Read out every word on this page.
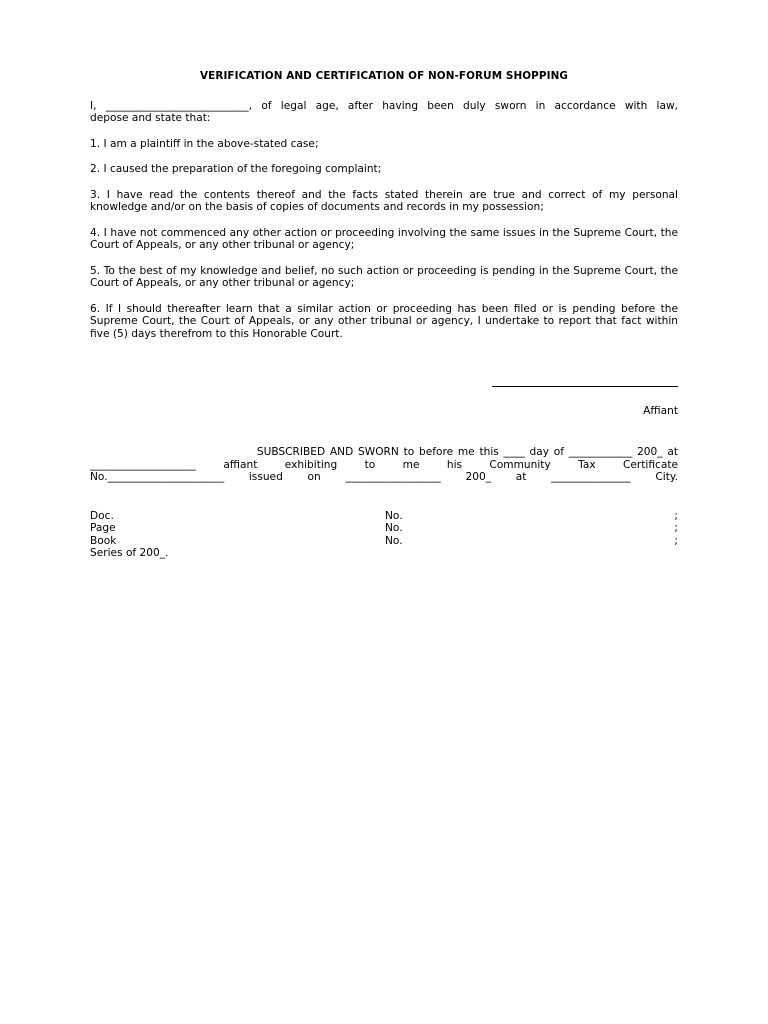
VERIFICATION AND CERTIFICATION OF NON-FORUM SHOPPING
I, ___________________________, of legal age, after having been duly sworn in accordance with law,
depose and state that:
1. I am a plaintiff in the above-stated case;
2. I caused the preparation of the foregoing complaint;
3. I have read the contents thereof and the facts stated therein are true and correct of my personal knowledge and/or on the basis of copies of documents and records in my possession;
4. I have not commenced any other action or proceeding involving the same issues in the Supreme Court, the Court of Appeals, or any other tribunal or agency;
5. To the best of my knowledge and belief, no such action or proceeding is pending in the Supreme Court, the Court of Appeals, or any other tribunal or agency;
6. If I should thereafter learn that a similar action or proceeding has been filed or is pending before the Supreme Court, the Court of Appeals, or any other tribunal or agency, I undertake to report that fact within five (5) days therefrom to this Honorable Court.
Affiant
SUBSCRIBED AND SWORN to before me this ____ day of ____________ 200_ at
____________________ affiant exhibiting to me his Community Tax Certificate
No.______________________ issued on __________________ 200_ at _______________ City.
Doc.	No.	;
Page	No.	;
Book	No.	;
Series of 200_.
